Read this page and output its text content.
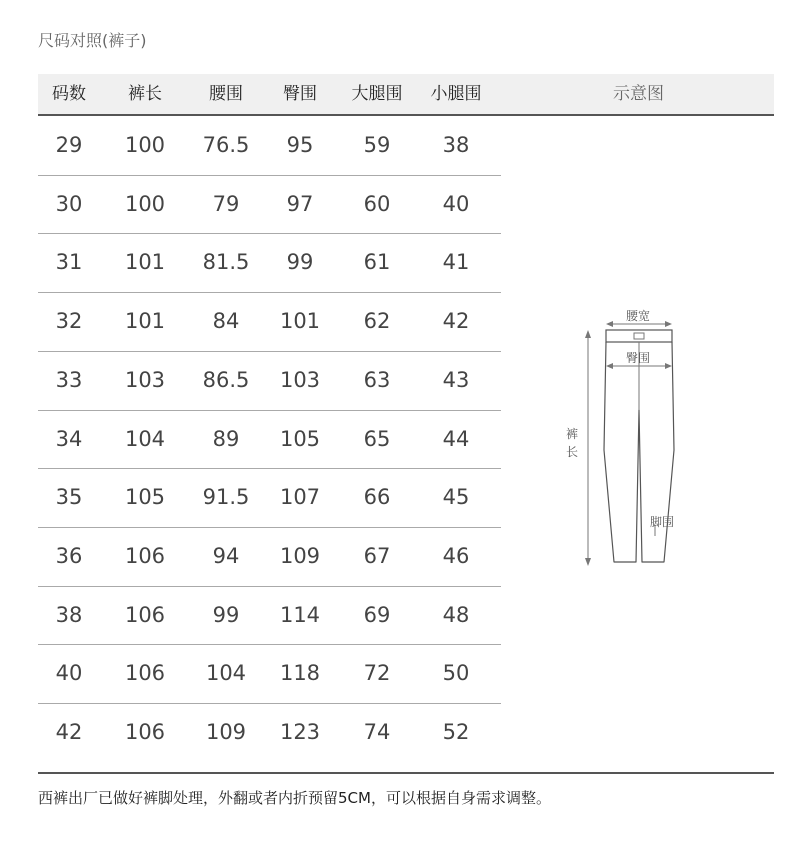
尺码对照(裤子)
码数	裤长	腰围	臀围	大腿围	小腿围	示意图
29	100	76.5	95	59	38
30	100	79	97	60	40
31	101	81.5	99	61	41
32	101	84	101	62	42
33	103	86.5	103	63	43
34	104	89	105	65	44
35	105	91.5	107	66	45
36	106	94	109	67	46
38	106	99	114	69	48
40	106	104	118	72	50
42	106	109	123	74	52
裤
长
腰宽
臀围
脚围
西裤出厂已做好裤脚处理，外翻或者内折预留5CM，可以根据自身需求调整。
